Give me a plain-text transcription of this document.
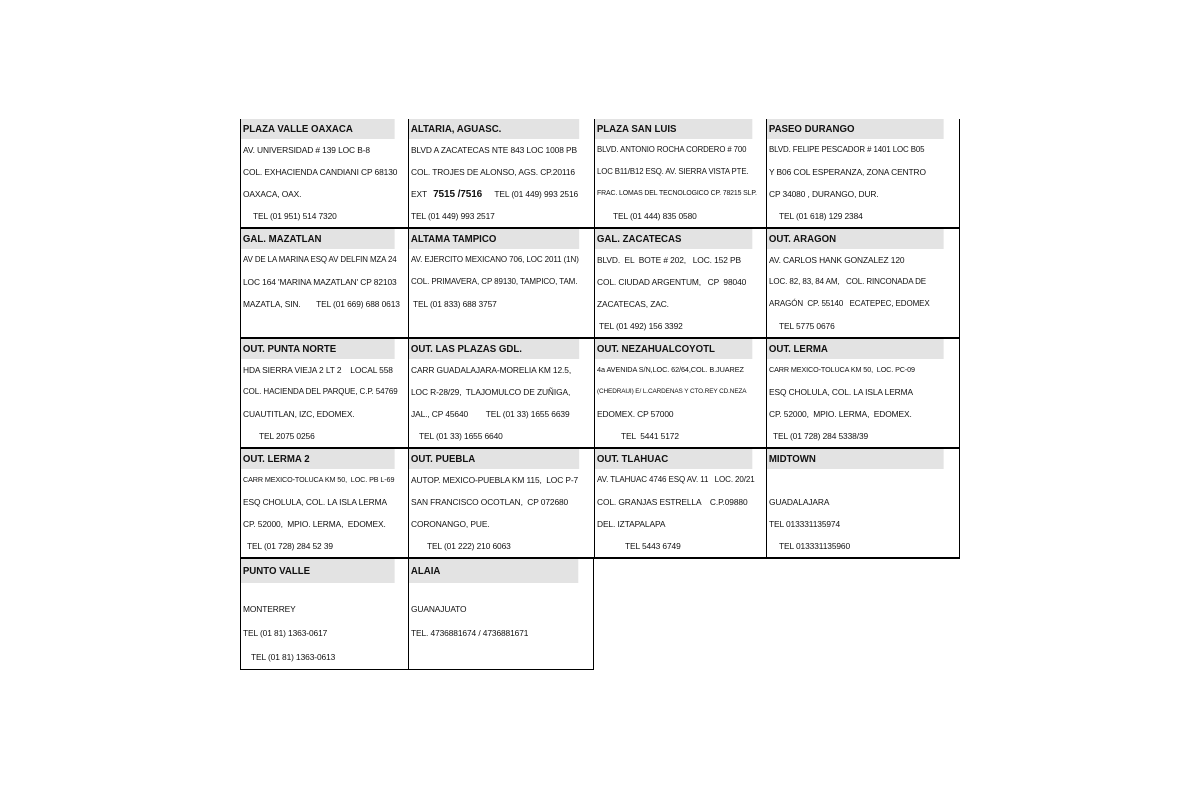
PLAZA VALLE OAXACA
AV. UNIVERSIDAD # 139 LOC B-8
COL. EXHACIENDA CANDIANI CP 68130
OAXACA, OAX.
TEL (01 951) 514 7320
ALTARIA, AGUASC.
BLVD A ZACATECAS NTE 843 LOC 1008 PB
COL. TROJES DE ALONSO, AGS. CP.20116
EXT 7515 /7516 TEL (01 449) 993 2516
TEL (01 449) 993 2517
PLAZA SAN LUIS
BLVD. ANTONIO ROCHA CORDERO # 700
LOC B11/B12 ESQ. AV. SIERRA VISTA PTE.
FRAC. LOMAS DEL TECNOLOGICO CP. 78215 SLP.
TEL (01 444) 835 0580
PASEO DURANGO
BLVD. FELIPE PESCADOR # 1401 LOC B05
Y B06 COL ESPERANZA, ZONA CENTRO
CP 34080 , DURANGO, DUR.
TEL (01 618) 129 2384
GAL. MAZATLAN
AV DE LA MARINA ESQ AV DELFIN MZA 24
LOC 164 'MARINA MAZATLAN' CP 82103
MAZATLA, SIN.       TEL (01 669) 688 0613
ALTAMA TAMPICO
AV. EJERCITO MEXICANO 706, LOC 2011 (1N)
COL. PRIMAVERA, CP 89130, TAMPICO, TAM.
TEL (01 833) 688 3757
GAL. ZACATECAS
BLVD.  EL  BOTE # 202,   LOC. 152 PB
COL. CIUDAD ARGENTUM,   CP  98040
ZACATECAS, ZAC.
TEL (01 492) 156 3392
OUT. ARAGON
AV. CARLOS HANK GONZALEZ 120
LOC. 82, 83, 84 AM,   COL. RINCONADA DE
ARAGÓN  CP. 55140   ECATEPEC, EDOMEX
TEL 5775 0676
OUT. PUNTA NORTE
HDA SIERRA VIEJA 2 LT 2    LOCAL 558
COL. HACIENDA DEL PARQUE, C.P. 54769
CUAUTITLAN, IZC, EDOMEX.
TEL 2075 0256
OUT. LAS PLAZAS GDL.
CARR GUADALAJARA-MORELIA KM 12.5,
LOC R-28/29,  TLAJOMULCO DE ZUÑIGA,
JAL., CP 45640        TEL (01 33) 1655 6639
TEL (01 33) 1655 6640
OUT. NEZAHUALCOYOTL
4a AVENIDA S/N,LOC. 62/64,COL. B.JUAREZ
(CHEDRAUI) E/ L.CARDENAS Y CTO.REY CD.NEZA
EDOMEX. CP 57000
TEL  5441 5172
OUT. LERMA
CARR MEXICO-TOLUCA KM 50,  LOC. PC-09
ESQ CHOLULA, COL. LA ISLA LERMA
CP. 52000,  MPIO. LERMA,  EDOMEX.
TEL (01 728) 284 5338/39
OUT. LERMA 2
CARR MEXICO-TOLUCA KM 50,  LOC. PB L-69
ESQ CHOLULA, COL. LA ISLA LERMA
CP. 52000,  MPIO. LERMA,  EDOMEX.
TEL (01 728) 284 52 39
OUT. PUEBLA
AUTOP. MEXICO-PUEBLA KM 115,  LOC P-7
SAN FRANCISCO OCOTLAN,  CP 072680
CORONANGO, PUE.
TEL (01 222) 210 6063
OUT. TLAHUAC
AV. TLAHUAC 4746 ESQ AV. 11   LOC. 20/21
COL. GRANJAS ESTRELLA    C.P.09880
DEL. IZTAPALAPA
TEL 5443 6749
MIDTOWN
GUADALAJARA
TEL 013331135974
TEL 013331135960
PUNTO VALLE
MONTERREY
TEL (01 81) 1363-0617
TEL (01 81) 1363-0613
ALAIA
GUANAJUATO
TEL. 4736881674 / 4736881671
